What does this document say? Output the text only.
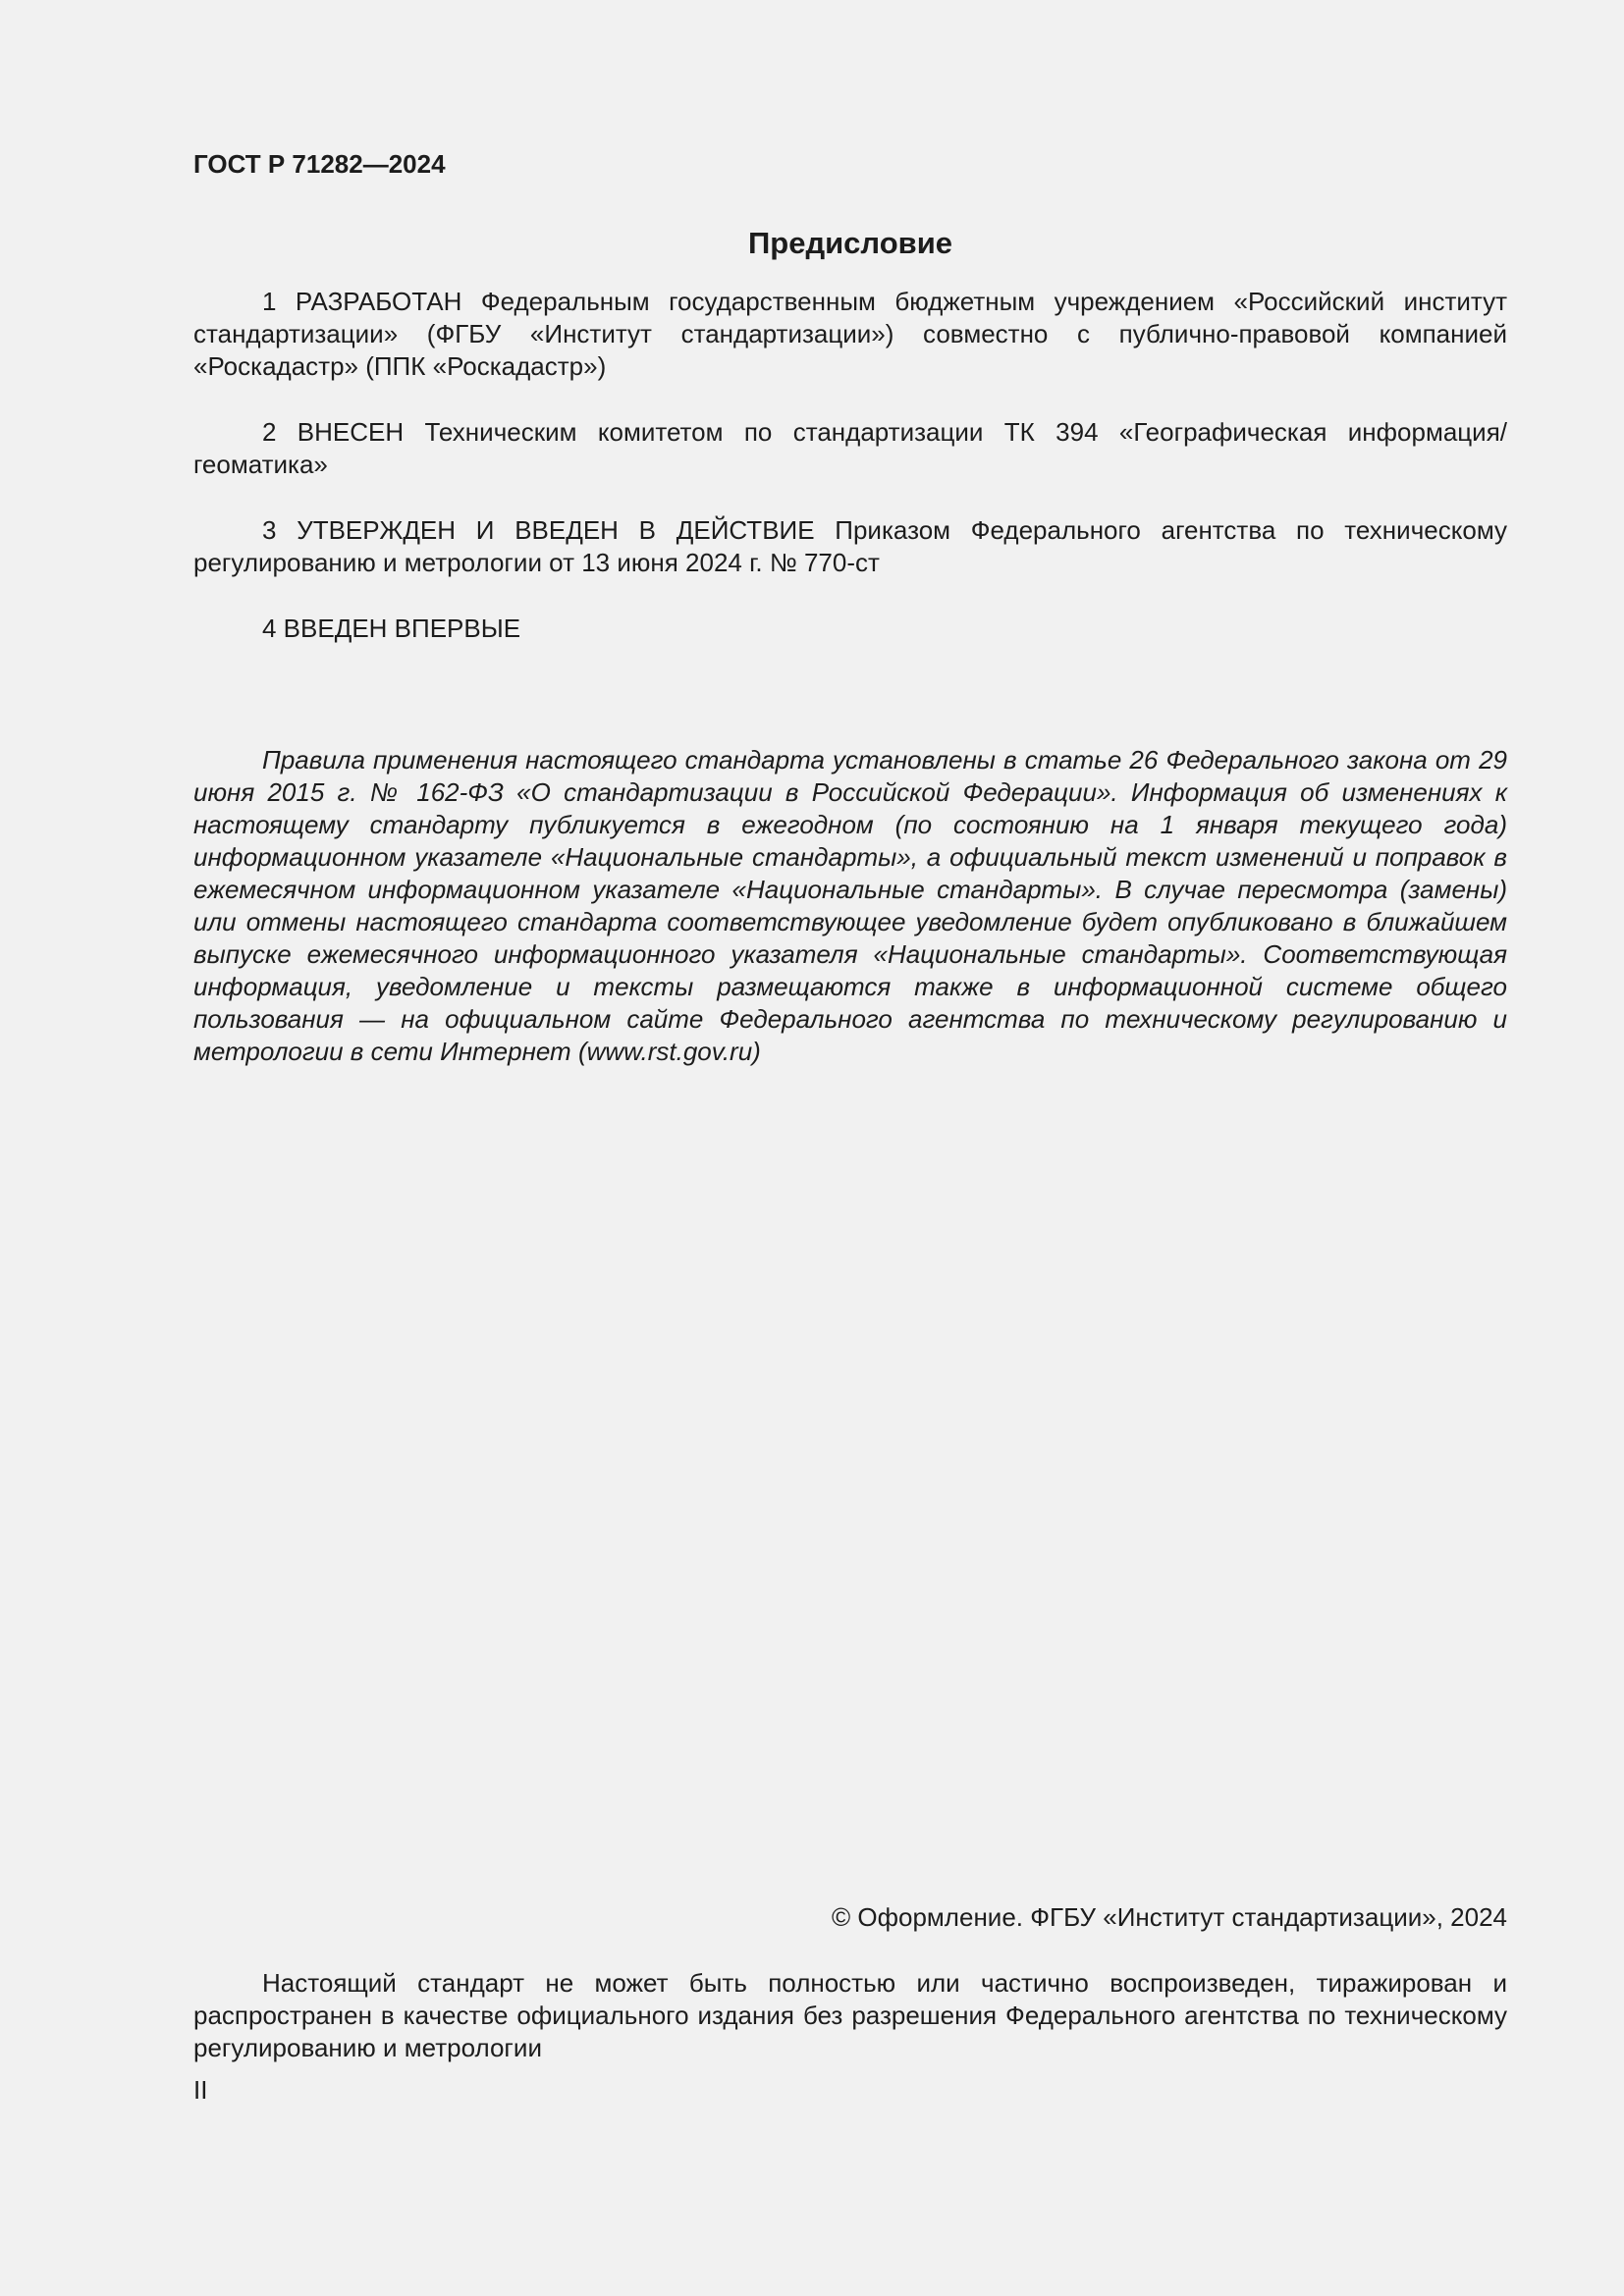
ГОСТ Р 71282—2024
Предисловие

1 РАЗРАБОТАН Федеральным государственным бюджетным учреждением «Российский институт стандартизации» (ФГБУ «Институт стандартизации») совместно с публично-правовой компанией «Роскадастр» (ППК «Роскадастр»)

2 ВНЕСЕН Техническим комитетом по стандартизации ТК 394 «Географическая информация/геоматика»

3 УТВЕРЖДЕН И ВВЕДЕН В ДЕЙСТВИЕ Приказом Федерального агентства по техническому регулированию и метрологии от 13 июня 2024 г. № 770-ст

4 ВВЕДЕН ВПЕРВЫЕ

Правила применения настоящего стандарта установлены в статье 26 Федерального закона от 29 июня 2015 г. № 162-ФЗ «О стандартизации в Российской Федерации». Информация об изменениях к настоящему стандарту публикуется в ежегодном (по состоянию на 1 января текущего года) информационном указателе «Национальные стандарты», а официальный текст изменений и поправок в ежемесячном информационном указателе «Национальные стандарты». В случае пересмотра (замены) или отмены настоящего стандарта соответствующее уведомление будет опубликовано в ближайшем выпуске ежемесячного информационного указателя «Национальные стандарты». Соответствующая информация, уведомление и тексты размещаются также в информационной системе общего пользования — на официальном сайте Федерального агентства по техническому регулированию и метрологии в сети Интернет (www.rst.gov.ru)

© Оформление. ФГБУ «Институт стандартизации», 2024

Настоящий стандарт не может быть полностью или частично воспроизведен, тиражирован и распространен в качестве официального издания без разрешения Федерального агентства по техническому регулированию и метрологии

II
